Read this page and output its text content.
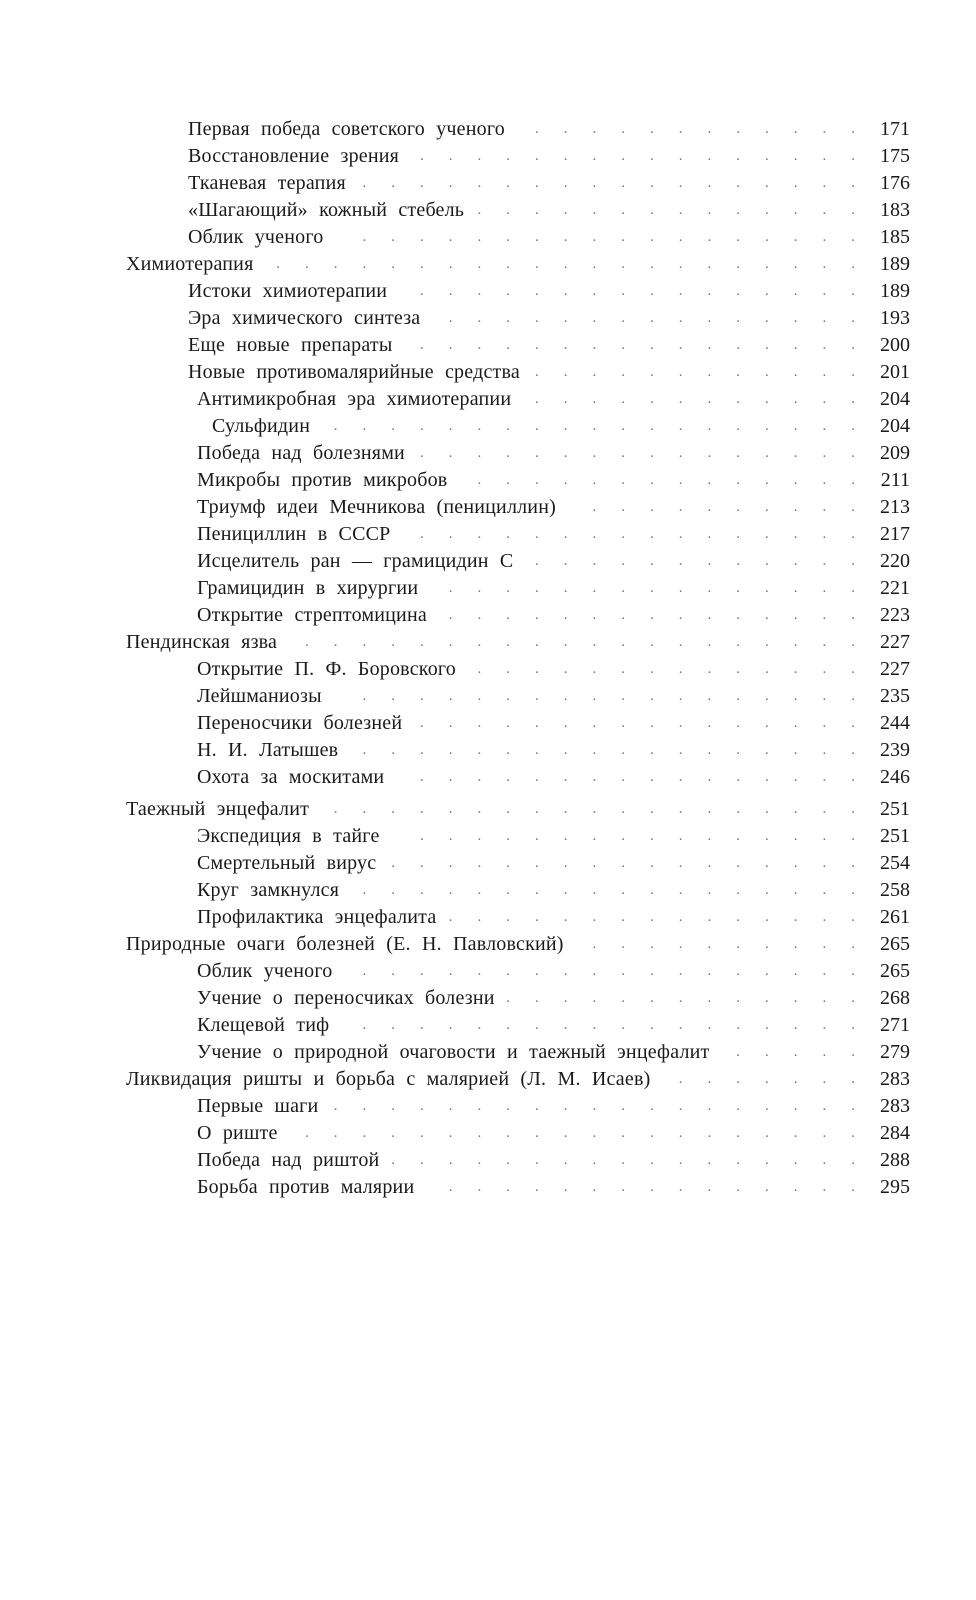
Первая победа советского ученого	............ 171
Восстановление зрения	................ 175
Тканевая терапия	.................. 176
«Шагающий» кожный стебель .............. 183
Облик ученого	.................. 185
Химиотерапия	..................... 189
Истоки химиотерапии	................ 189
Эра химического синтеза	............... 193
Еще новые препараты	................ 200
Новые противомалярийные средства	............ 201
Антимикробная эра химиотерапии	............ 204
Сульфидин	................... 204
Победа над болезнями	................ 209
Микробы против микробов	.............. 211
Триумф идеи Мечникова (пенициллин)	.......... 213
Пенициллин в СССР	................ 217
Исцелитель ран — грамицидин С	............ 220
Грамицидин в хирургии	............... 221
Открытие стрептомицина	............... 223
Пендинская язва	.................... 227
Открытие П. Ф. Боровского	.............. 227
Лейшманиозы	.................. 235
Переносчики болезней	................ 244
Н. И. Латышев	.................. 239
Охота за москитами	................ 246
Таежный энцефалит	................... 251
Экспедиция в тайге	................ 251
Смертельный вирус ................. 254
Круг замкнулся	.................. 258
Профилактика энцефалита ............... 261
Природные очаги болезней (Е. Н. Павловский)	.......... 265
Облик ученого	.................. 265
Учение о переносчиках болезни ............. 268
Клещевой тиф	.................. 271
Учение о природной очаговости и таежный энцефалит	..... 279
Ликвидация ришты и борьба с малярией (Л. М. Исаев)	....... 283
Первые шаги	................... 283
О риште	.................... 284
Победа над риштой ................. 288
Борьба против малярии	............... 295
